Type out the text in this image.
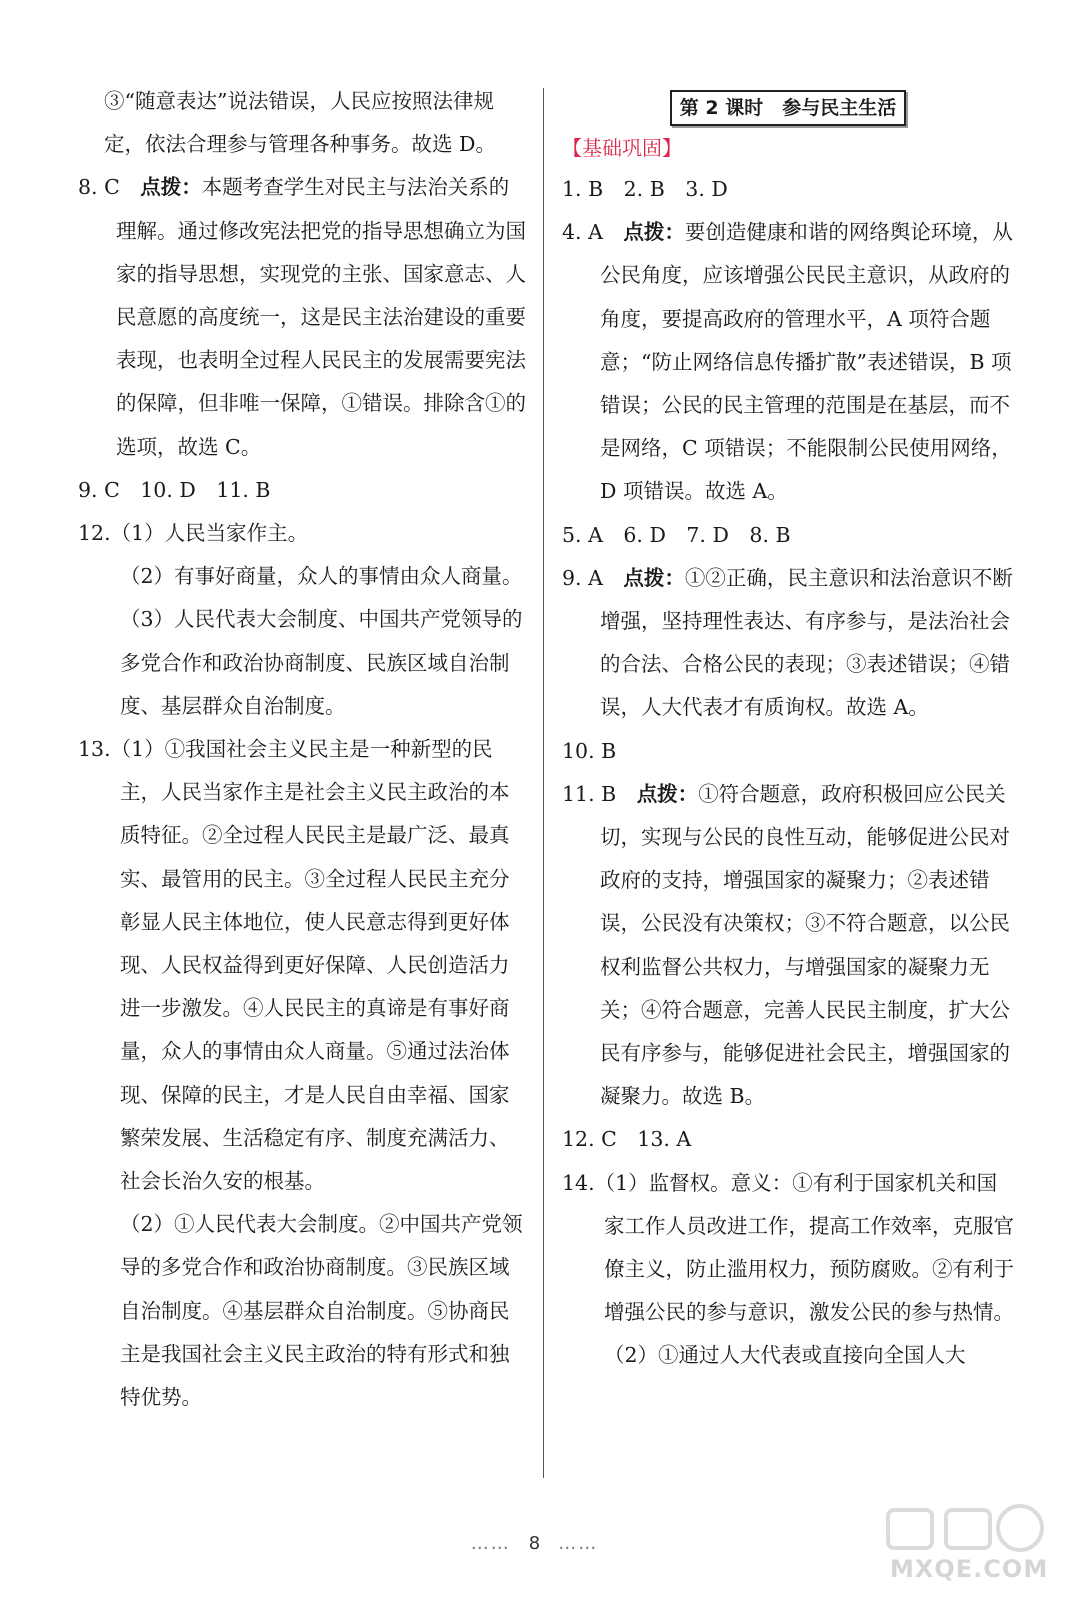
③“随意表达”说法错误，人民应按照法律规

定，依法合理参与管理各种事务。故选 D。

8. C　点拨：本题考查学生对民主与法治关系的理解。通过修改宪法把党的指导思想确立为国家的指导思想，实现党的主张、国家意志、人民意愿的高度统一，这是民主法治建设的重要表现，也表明全过程人民民主的发展需要宪法的保障，但非唯一保障，①错误。排除含①的选项，故选 C。

9. C　10. D　11. B

12.（1）人民当家作主。

（2）有事好商量，众人的事情由众人商量。

（3）人民代表大会制度、中国共产党领导的多党合作和政治协商制度、民族区域自治制度、基层群众自治制度。

13.（1）①我国社会主义民主是一种新型的民主，人民当家作主是社会主义民主政治的本质特征。②全过程人民民主是最广泛、最真实、最管用的民主。③全过程人民民主充分彰显人民主体地位，使人民意志得到更好体现、人民权益得到更好保障、人民创造活力进一步激发。④人民民主的真谛是有事好商量，众人的事情由众人商量。⑤通过法治体现、保障的民主，才是人民自由幸福、国家繁荣发展、生活稳定有序、制度充满活力、社会长治久安的根基。

（2）①人民代表大会制度。②中国共产党领导的多党合作和政治协商制度。③民族区域自治制度。④基层群众自治制度。⑤协商民主是我国社会主义民主政治的特有形式和独特优势。

第 2 课时　参与民主生活

【基础巩固】

1. B　2. B　3. D

4. A　点拨：要创造健康和谐的网络舆论环境，从公民角度，应该增强公民民主意识，从政府的角度，要提高政府的管理水平，A 项符合题意；“防止网络信息传播扩散”表述错误，B 项错误；公民的民主管理的范围是在基层，而不是网络，C 项错误；不能限制公民使用网络，D 项错误。故选 A。

5. A　6. D　7. D　8. B

9. A　点拨：①②正确，民主意识和法治意识不断增强，坚持理性表达、有序参与，是法治社会的合法、合格公民的表现；③表述错误；④错误，人大代表才有质询权。故选 A。

10. B

11. B　点拨：①符合题意，政府积极回应公民关切，实现与公民的良性互动，能够促进公民对政府的支持，增强国家的凝聚力；②表述错误，公民没有决策权；③不符合题意，以公民权利监督公共权力，与增强国家的凝聚力无关；④符合题意，完善人民民主制度，扩大公民有序参与，能够促进社会民主，增强国家的凝聚力。故选 B。

12. C　13. A

14.（1）监督权。意义：①有利于国家机关和国家工作人员改进工作，提高工作效率，克服官僚主义，防止滥用权力，预防腐败。②有利于增强公民的参与意识，激发公民的参与热情。

（2）①通过人大代表或直接向全国人大

…… 8 ……
MXQE.COM
